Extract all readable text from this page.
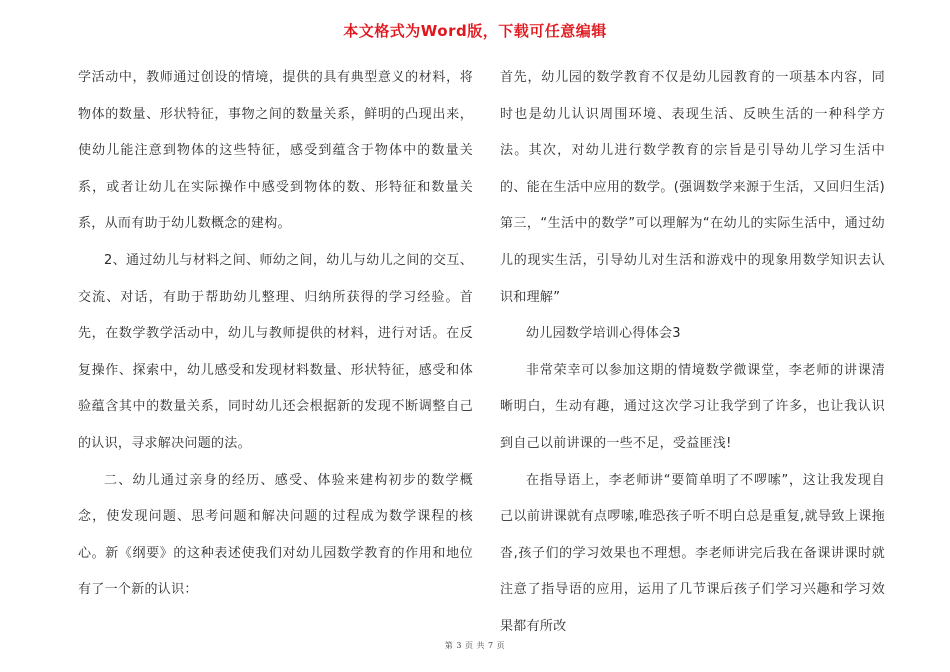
本文格式为Word版，下载可任意编辑

学活动中，教师通过创设的情境，提供的具有典型意义的材料，将物体的数量、形状特征，事物之间的数量关系，鲜明的凸现出来，使幼儿能注意到物体的这些特征，感受到蕴含于物体中的数量关系，或者让幼儿在实际操作中感受到物体的数、形特征和数量关系，从而有助于幼儿数概念的建构。

2、通过幼儿与材料之间、师幼之间，幼儿与幼儿之间的交互、交流、对话，有助于帮助幼儿整理、归纳所获得的学习经验。首先，在数学教学活动中，幼儿与教师提供的材料，进行对话。在反复操作、探索中，幼儿感受和发现材料数量、形状特征，感受和体验蕴含其中的数量关系，同时幼儿还会根据新的发现不断调整自己的认识，寻求解决问题的法。

二、幼儿通过亲身的经历、感受、体验来建构初步的数学概念，使发现问题、思考问题和解决问题的过程成为数学课程的核心。新《纲要》的这种表述使我们对幼儿园数学教育的作用和地位有了一个新的认识：

首先，幼儿园的数学教育不仅是幼儿园教育的一项基本内容，同时也是幼儿认识周围环境、表现生活、反映生活的一种科学方法。其次，对幼儿进行数学教育的宗旨是引导幼儿学习生活中的、能在生活中应用的数学。(强调数学来源于生活，又回归生活)第三，“生活中的数学”可以理解为“在幼儿的实际生活中，通过幼儿的现实生活，引导幼儿对生活和游戏中的现象用数学知识去认识和理解”

幼儿园数学培训心得体会3

非常荣幸可以参加这期的情境数学微课堂，李老师的讲课清晰明白，生动有趣，通过这次学习让我学到了许多，也让我认识到自己以前讲课的一些不足，受益匪浅!

在指导语上，李老师讲“要简单明了不啰嗦”，这让我发现自己以前讲课就有点啰嗦,唯恐孩子听不明白总是重复,就导致上课拖沓,孩子们的学习效果也不理想。李老师讲完后我在备课讲课时就注意了指导语的应用，运用了几节课后孩子们学习兴趣和学习效果都有所改

第 3 页 共 7 页
